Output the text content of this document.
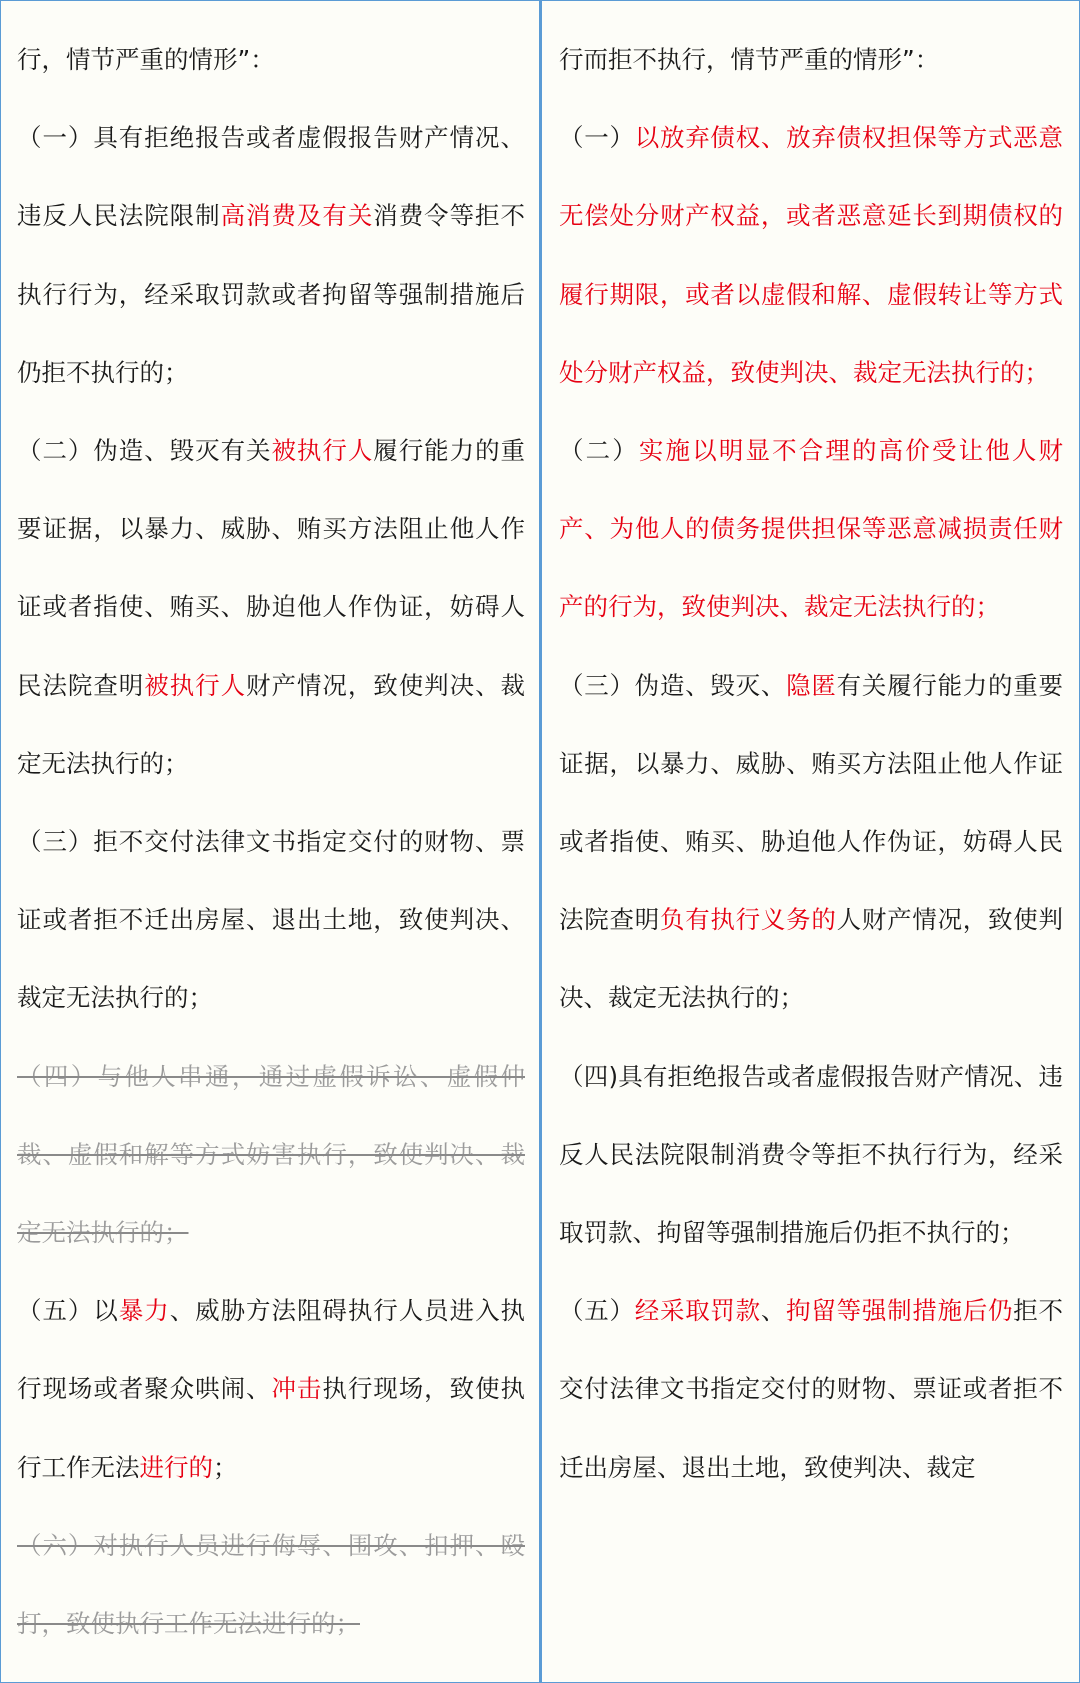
行，情节严重的情形”：

（一）具有拒绝报告或者虚假报告财产情况、违反人民法院限制高消费及有关消费令等拒不执行行为，经采取罚款或者拘留等强制措施后仍拒不执行的；

（二）伪造、毁灭有关被执行人履行能力的重要证据，以暴力、威胁、贿买方法阻止他人作证或者指使、贿买、胁迫他人作伪证，妨碍人民法院查明被执行人财产情况，致使判决、裁定无法执行的；

（三）拒不交付法律文书指定交付的财物、票证或者拒不迁出房屋、退出土地，致使判决、裁定无法执行的；

（四）与他人串通，通过虚假诉讼、虚假仲裁、虚假和解等方式妨害执行，致使判决、裁定无法执行的；

（五）以暴力、威胁方法阻碍执行人员进入执行现场或者聚众哄闹、冲击执行现场，致使执行工作无法进行的；

（六）对执行人员进行侮辱、围攻、扣押、殴打，致使执行工作无法进行的；

行而拒不执行，情节严重的情形”：

（一）以放弃债权、放弃债权担保等方式恶意无偿处分财产权益，或者恶意延长到期债权的履行期限，或者以虚假和解、虚假转让等方式处分财产权益，致使判决、裁定无法执行的；

（二）实施以明显不合理的高价受让他人财产、为他人的债务提供担保等恶意减损责任财产的行为，致使判决、裁定无法执行的；

（三）伪造、毁灭、隐匿有关履行能力的重要证据，以暴力、威胁、贿买方法阻止他人作证或者指使、贿买、胁迫他人作伪证，妨碍人民法院查明负有执行义务的人财产情况，致使判决、裁定无法执行的；

（四)具有拒绝报告或者虚假报告财产情况、违反人民法院限制消费令等拒不执行行为，经采取罚款、拘留等强制措施后仍拒不执行的；

（五）经采取罚款、拘留等强制措施后仍拒不交付法律文书指定交付的财物、票证或者拒不迁出房屋、退出土地，致使判决、裁定
